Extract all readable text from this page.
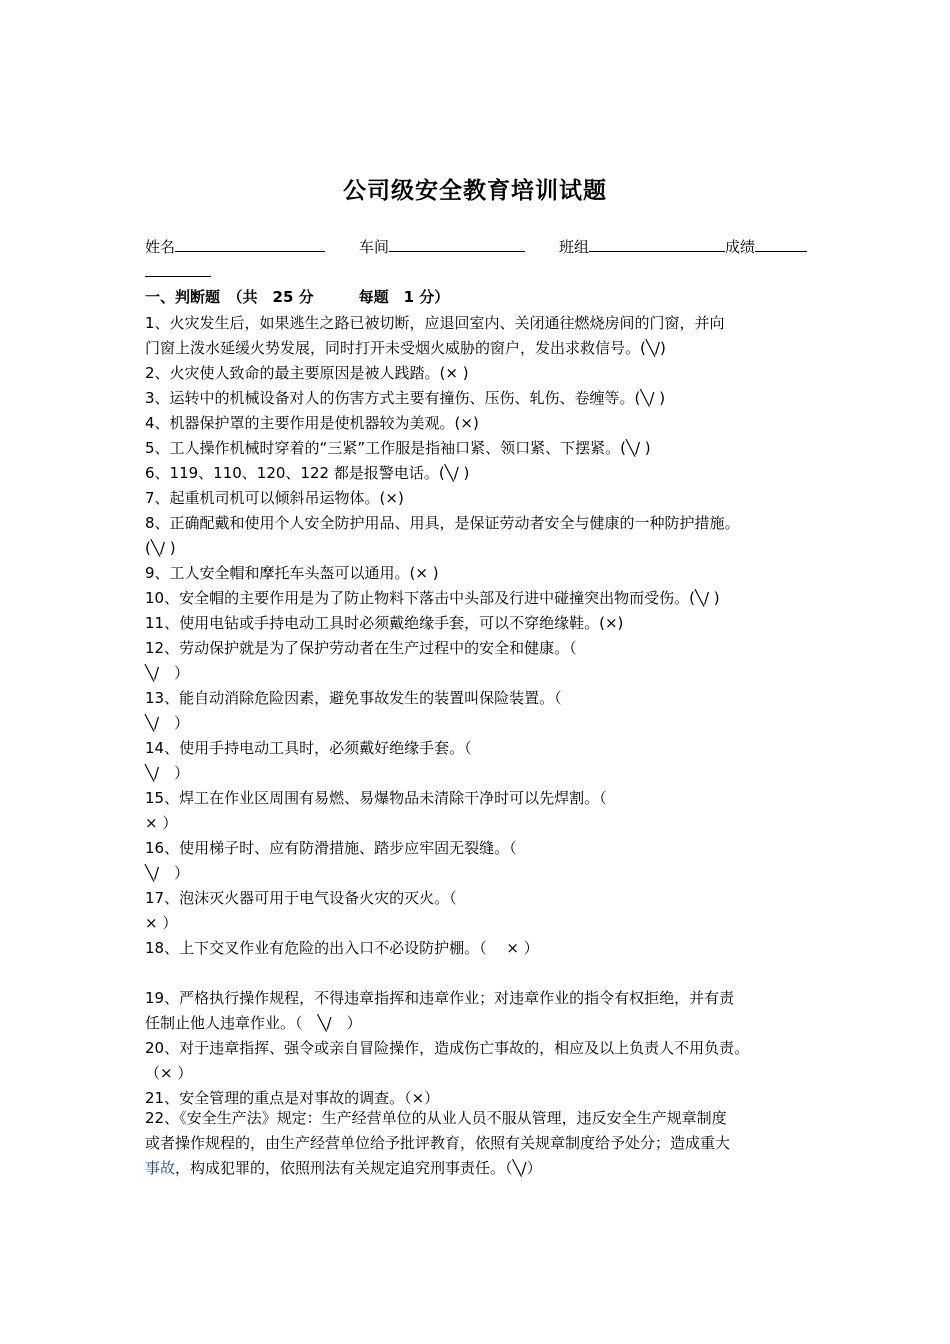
公司级安全教育培训试题
姓名	车间	班组	成绩
一、判断题　（共　25 分　　　每题　1 分）
1、火灾发生后，如果逃生之路已被切断，应退回室内、关闭通往燃烧房间的门窗，并向
门窗上泼水延缓火势发展，同时打开未受烟火威胁的窗户，发出求救信号。(╲/)
2、火灾使人致命的最主要原因是被人践踏。(× )
3、运转中的机械设备对人的伤害方式主要有撞伤、压伤、轧伤、卷缠等。(╲/ )
4、机器保护罩的主要作用是使机器较为美观。(×)
5、工人操作机械时穿着的“三紧”工作服是指袖口紧、领口紧、下摆紧。(╲/ )
6、119、110、120、122 都是报警电话。(╲/ )
7、起重机司机可以倾斜吊运物体。(×)
8、正确配戴和使用个人安全防护用品、用具，是保证劳动者安全与健康的一种防护措施。
(╲/ )
9、工人安全帽和摩托车头盔可以通用。(× )
10、安全帽的主要作用是为了防止物料下落击中头部及行进中碰撞突出物而受伤。(╲/ )
11、使用电钻或手持电动工具时必须戴绝缘手套，可以不穿绝缘鞋。(×)
12、劳动保护就是为了保护劳动者在生产过程中的安全和健康。（
╲/　）
13、能自动消除危险因素，避免事故发生的装置叫保险装置。（
╲/　）
14、使用手持电动工具时，必须戴好绝缘手套。（
╲/　）
15、焊工在作业区周围有易燃、易爆物品未清除干净时可以先焊割。（
× ）
16、使用梯子时、应有防滑措施、踏步应牢固无裂缝。（
╲/　）
17、泡沫灭火器可用于电气设备火灾的灭火。（
× ）
18、上下交叉作业有危险的出入口不必设防护棚。（　 × ）
19、严格执行操作规程，不得违章指挥和违章作业；对违章作业的指令有权拒绝，并有责
任制止他人违章作业。（　╲/　）
20、对于违章指挥、强令或亲自冒险操作，造成伤亡事故的，相应及以上负责人不用负责。
（× ）
21、安全管理的重点是对事故的调查。（×）
22、《安全生产法》规定：生产经营单位的从业人员不服从管理，违反安全生产规章制度
或者操作规程的，由生产经营单位给予批评教育，依照有关规章制度给予处分；造成重大
事故，构成犯罪的，依照刑法有关规定追究刑事责任。（╲/）
